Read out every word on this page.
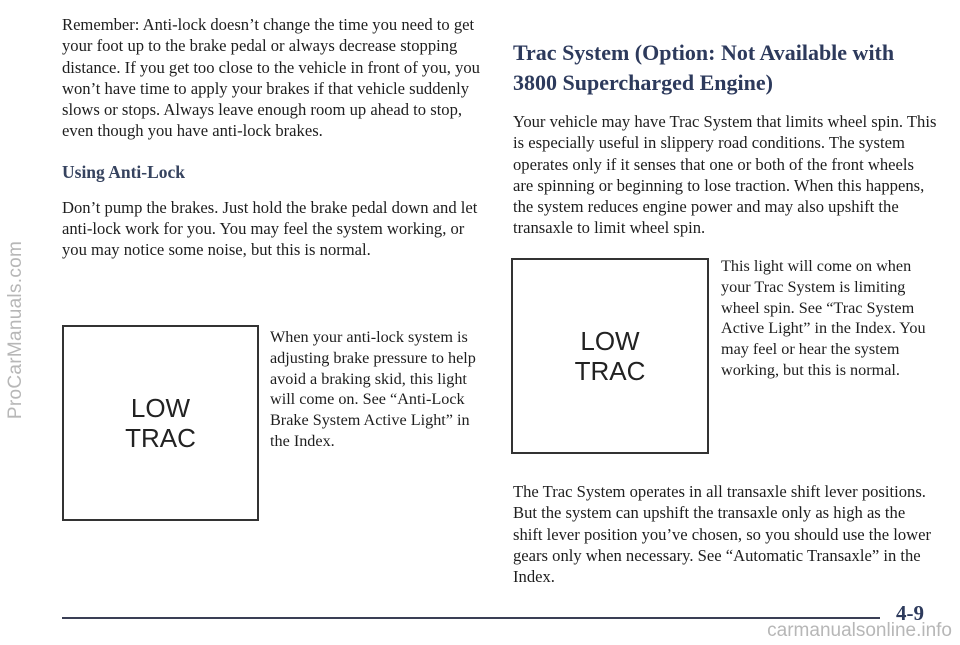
ProCarManuals.com

Remember: Anti-lock doesn’t change the time you need to get your foot up to the brake pedal or always decrease stopping distance. If you get too close to the vehicle in front of you, you won’t have time to apply your brakes if that vehicle suddenly slows or stops. Always leave enough room up ahead to stop, even though you have anti-lock brakes.

Using Anti-Lock

Don’t pump the brakes. Just hold the brake pedal down and let anti-lock work for you. You may feel the system working, or you may notice some noise, but this is normal.

LOW
TRAC

When your anti-lock system is adjusting brake pressure to help avoid a braking skid, this light will come on. See “Anti-Lock Brake System Active Light” in the Index.

Trac System (Option: Not Available with 3800 Supercharged Engine)

Your vehicle may have Trac System that limits wheel spin. This is especially useful in slippery road conditions. The system operates only if it senses that one or both of the front wheels are spinning or beginning to lose traction. When this happens, the system reduces engine power and may also upshift the transaxle to limit wheel spin.

LOW
TRAC

This light will come on when your Trac System is limiting wheel spin. See “Trac System Active Light” in the Index. You may feel or hear the system working, but this is normal.

The Trac System operates in all transaxle shift lever positions. But the system can upshift the transaxle only as high as the shift lever position you’ve chosen, so you should use the lower gears only when necessary. See “Automatic Transaxle” in the Index.

4-9
carmanualsonline.info
